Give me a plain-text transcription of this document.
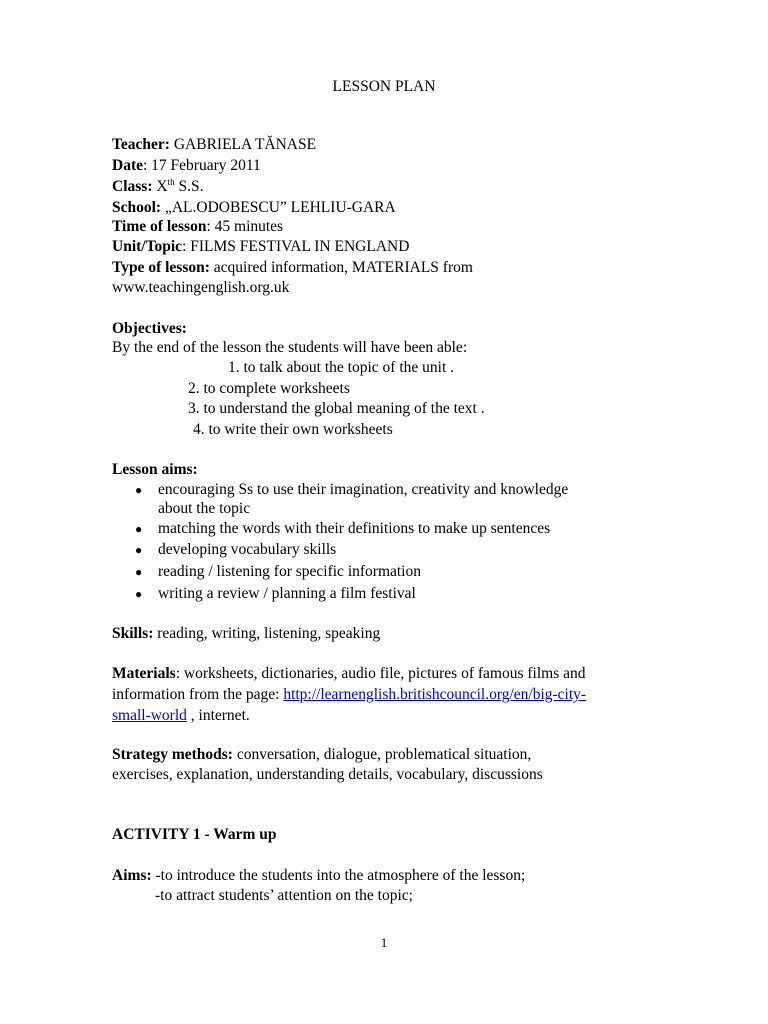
LESSON PLAN
Teacher: GABRIELA TĂNASE
Date: 17 February 2011
Class: Xth S.S.
School: „AL.ODOBESCU” LEHLIU-GARA
Time of lesson: 45 minutes
Unit/Topic: FILMS FESTIVAL IN ENGLAND
Type of lesson: acquired information, MATERIALS from
www.teachingenglish.org.uk
Objectives:
By the end of the lesson the students will have been able:
1. to talk about the topic of the unit .
2. to complete worksheets
3. to understand the global meaning of the text .
4. to write their own worksheets
Lesson aims:
● encouraging Ss to use their imagination, creativity and knowledge
about the topic
● matching the words with their definitions to make up sentences
● developing vocabulary skills
● reading / listening for specific information
● writing a review / planning a film festival
Skills: reading, writing, listening, speaking
Materials: worksheets, dictionaries, audio file, pictures of famous films and
information from the page: http://learnenglish.britishcouncil.org/en/big-city-
small-world , internet.
Strategy methods: conversation, dialogue, problematical situation,
exercises, explanation, understanding details, vocabulary, discussions
ACTIVITY 1 - Warm up
Aims: -to introduce the students into the atmosphere of the lesson;
-to attract students’ attention on the topic;
1
